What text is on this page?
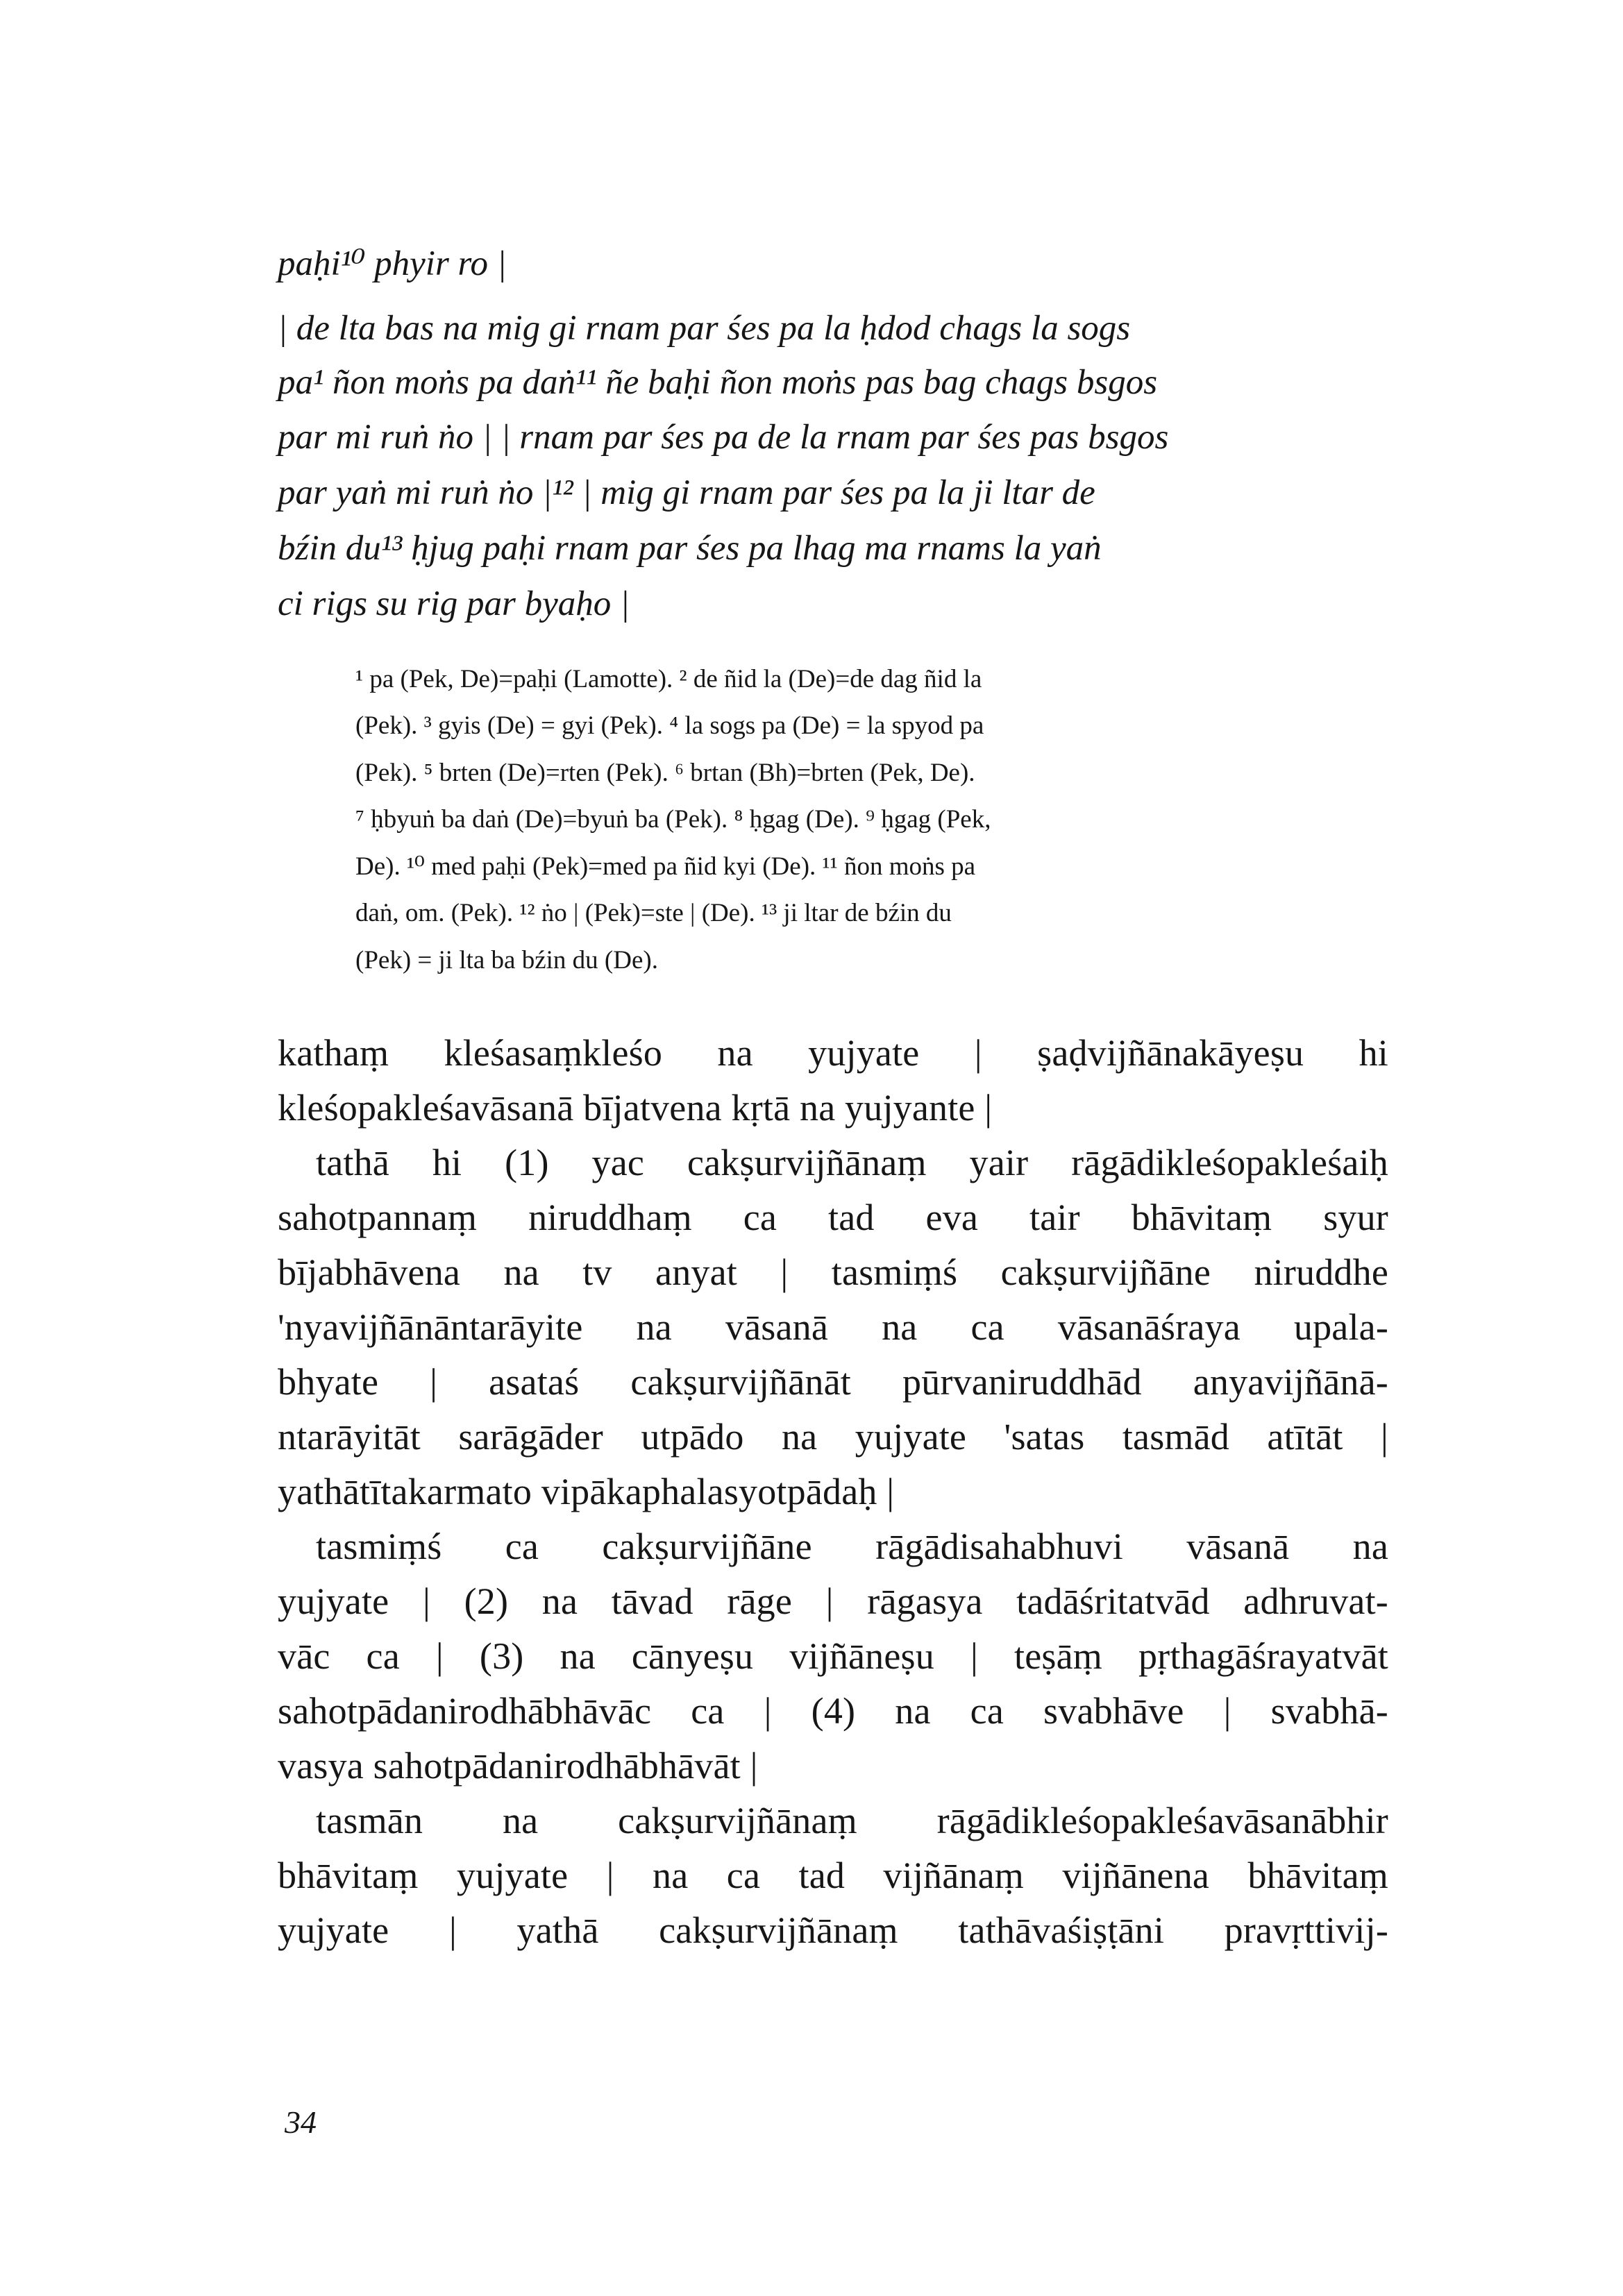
paḥi¹⁰ phyir ro |
| de lta bas na mig gi rnam par śes pa la ḥdod chags la sogs
pa¹ ñon moṅs pa daṅ¹¹ ñe baḥi ñon moṅs pas bag chags bsgos
par mi ruṅ ṅo | | rnam par śes pa de la rnam par śes pas bsgos
par yaṅ mi ruṅ ṅo |¹² | mig gi rnam par śes pa la ji ltar de
bźin du¹³ ḥjug paḥi rnam par śes pa lhag ma rnams la yaṅ
ci rigs su rig par byaḥo |
¹ pa (Pek, De)=paḥi (Lamotte). ² de ñid la (De)=de dag ñid la
(Pek). ³ gyis (De) = gyi (Pek). ⁴ la sogs pa (De) = la spyod pa
(Pek). ⁵ brten (De)=rten (Pek). ⁶ brtan (Bh)=brten (Pek, De).
⁷ ḥbyuṅ ba daṅ (De)=byuṅ ba (Pek). ⁸ ḥgag (De). ⁹ ḥgag (Pek,
De). ¹⁰ med paḥi (Pek)=med pa ñid kyi (De). ¹¹ ñon moṅs pa
daṅ, om. (Pek). ¹² ṅo | (Pek)=ste | (De). ¹³ ji ltar de bźin du
(Pek) = ji lta ba bźin du (De).
kathaṃ kleśasaṃkleśo na yujyate | ṣaḍvijñānakāyeṣu hi
kleśopakleśavāsanā bījatvena kṛtā na yujyante |
tathā hi (1) yac cakṣurvijñānaṃ yair rāgādikleśopakleśaiḥ
sahotpannaṃ niruddhaṃ ca tad eva tair bhāvitaṃ syur
bījabhāvena na tv anyat | tasmiṃś cakṣurvijñāne niruddhe
'nyavijñānāntarāyite na vāsanā na ca vāsanāśraya upala-
bhyate | asataś cakṣurvijñānāt pūrvaniruddhād anyavijñānā-
ntarāyitāt sarāgāder utpādo na yujyate 'satas tasmād atītāt |
yathātītakarmato vipākaphalasyotpādaḥ |
tasmiṃś ca cakṣurvijñāne rāgādisahabhuvi vāsanā na
yujyate | (2) na tāvad rāge | rāgasya tadāśritatvād adhruvat-
vāc ca | (3) na cānyeṣu vijñāneṣu | teṣāṃ pṛthagāśrayatvāt
sahotpādanirodhābhāvāc ca | (4) na ca svabhāve | svabhā-
vasya sahotpādanirodhābhāvāt |
tasmān na cakṣurvijñānaṃ rāgādikleśopakleśavāsanābhir
bhāvitaṃ yujyate | na ca tad vijñānaṃ vijñānena bhāvitaṃ
yujyate | yathā cakṣurvijñānaṃ tathāvaśiṣṭāni pravṛttivij-
34
